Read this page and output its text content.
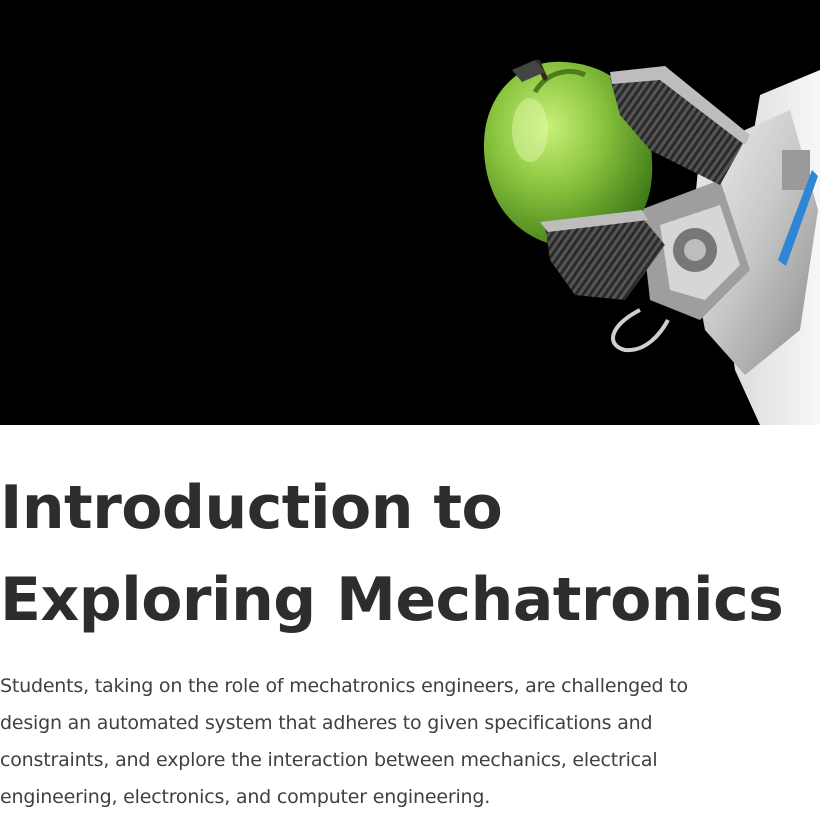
Introduction to Exploring Mechatronics

Students, taking on the role of mechatronics engineers, are challenged to design an automated system that adheres to given specifications and constraints, and explore the interaction between mechanics, electrical engineering, electronics, and computer engineering.
